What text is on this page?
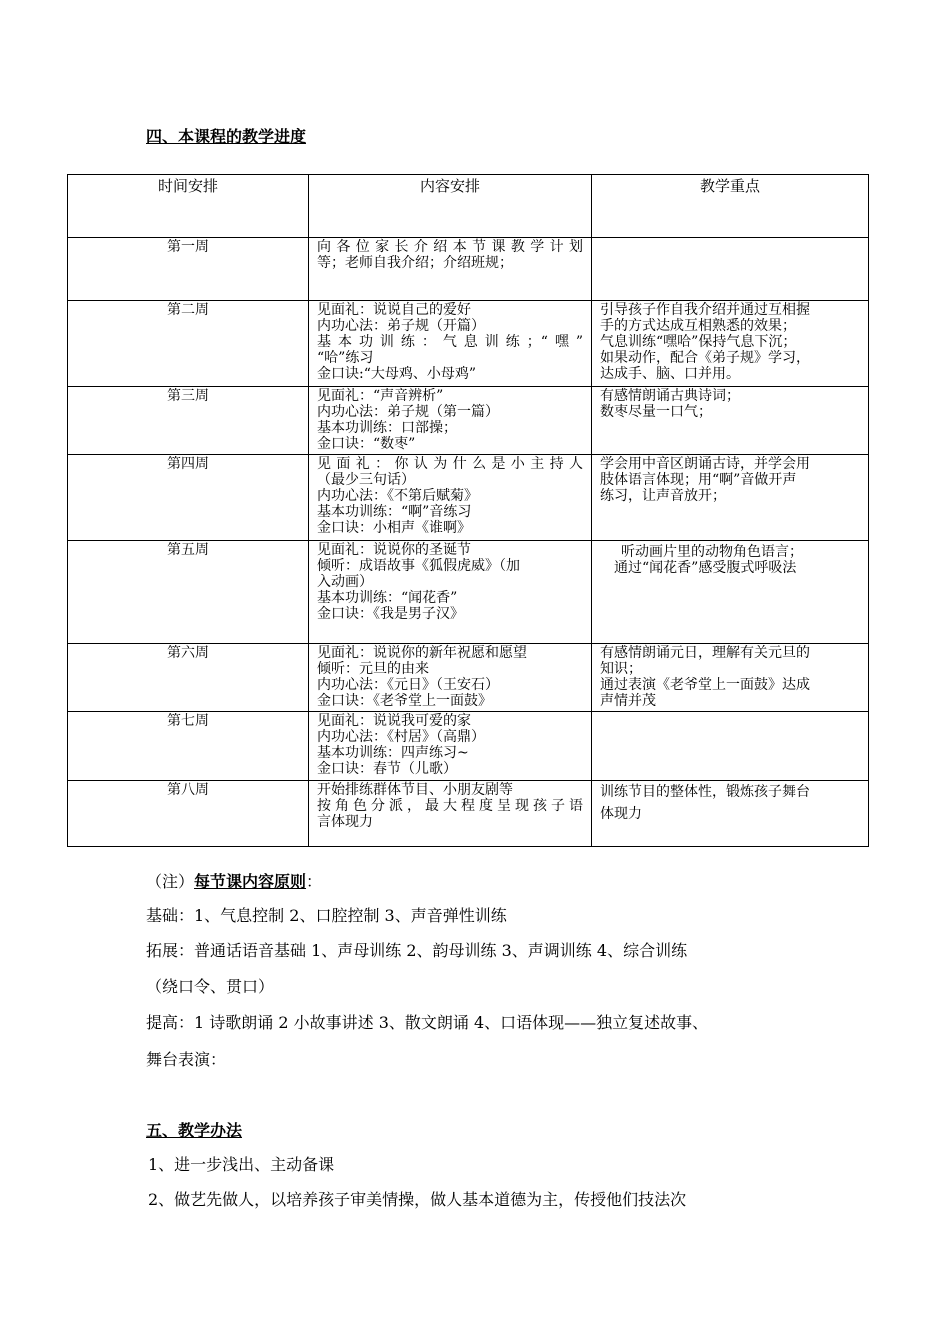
四、本课程的教学进度
时间安排	内容安排	教学重点
第一周	向各位家长介绍本节课教学计划
等；老师自我介绍；介绍班规；	

第二周	见面礼：说说自己的爱好
内功心法：弟子规（开篇）
基本功训练：气息训练；“嘿”
“哈”练习
金口诀:“大母鸡、小母鸡”	引导孩子作自我介绍并通过互相握
手的方式达成互相熟悉的效果；
气息训练“嘿哈”保持气息下沉；
如果动作，配合《弟子规》学习，
达成手、脑、口并用。

第三周	见面礼：“声音辨析”
内功心法：弟子规（第一篇）
基本功训练：口部操；
金口诀：“数枣”	有感情朗诵古典诗词；
数枣尽量一口气；

第四周	见面礼：你认为什么是小主持人
（最少三句话）
内功心法：《不第后赋菊》
基本功训练：“啊”音练习
金口诀：小相声《谁啊》	学会用中音区朗诵古诗，并学会用
肢体语言体现；用“啊”音做开声
练习，让声音放开；

第五周	见面礼：说说你的圣诞节
倾听：成语故事《狐假虎威》（加
入动画）
基本功训练：“闻花香”
金口诀：《我是男子汉》	听动画片里的动物角色语言；
通过“闻花香”感受腹式呼吸法

第六周	见面礼：说说你的新年祝愿和愿望
倾听：元旦的由来
内功心法：《元日》（王安石）
金口诀：《老爷堂上一面鼓》	有感情朗诵元日，理解有关元旦的
知识；
通过表演《老爷堂上一面鼓》达成
声情并茂

第七周	见面礼：说说我可爱的家
内功心法：《村居》（高鼎）
基本功训练：四声练习~
金口诀：春节（儿歌）	

第八周	开始排练群体节目、小朋友剧等
按角色分派，最大程度呈现孩子语
言体现力	训练节目的整体性，锻炼孩子舞台
体现力
（注）每节课内容原则：
基础：1、气息控制 2、口腔控制 3、声音弹性训练
拓展：普通话语音基础 1、声母训练 2、韵母训练 3、声调训练 4、综合训练
（绕口令、贯口）
提高：1 诗歌朗诵 2 小故事讲述 3、散文朗诵 4、口语体现——独立复述故事、
舞台表演：
五、教学办法
1、进一步浅出、主动备课
2、做艺先做人，以培养孩子审美情操，做人基本道德为主，传授他们技法次
